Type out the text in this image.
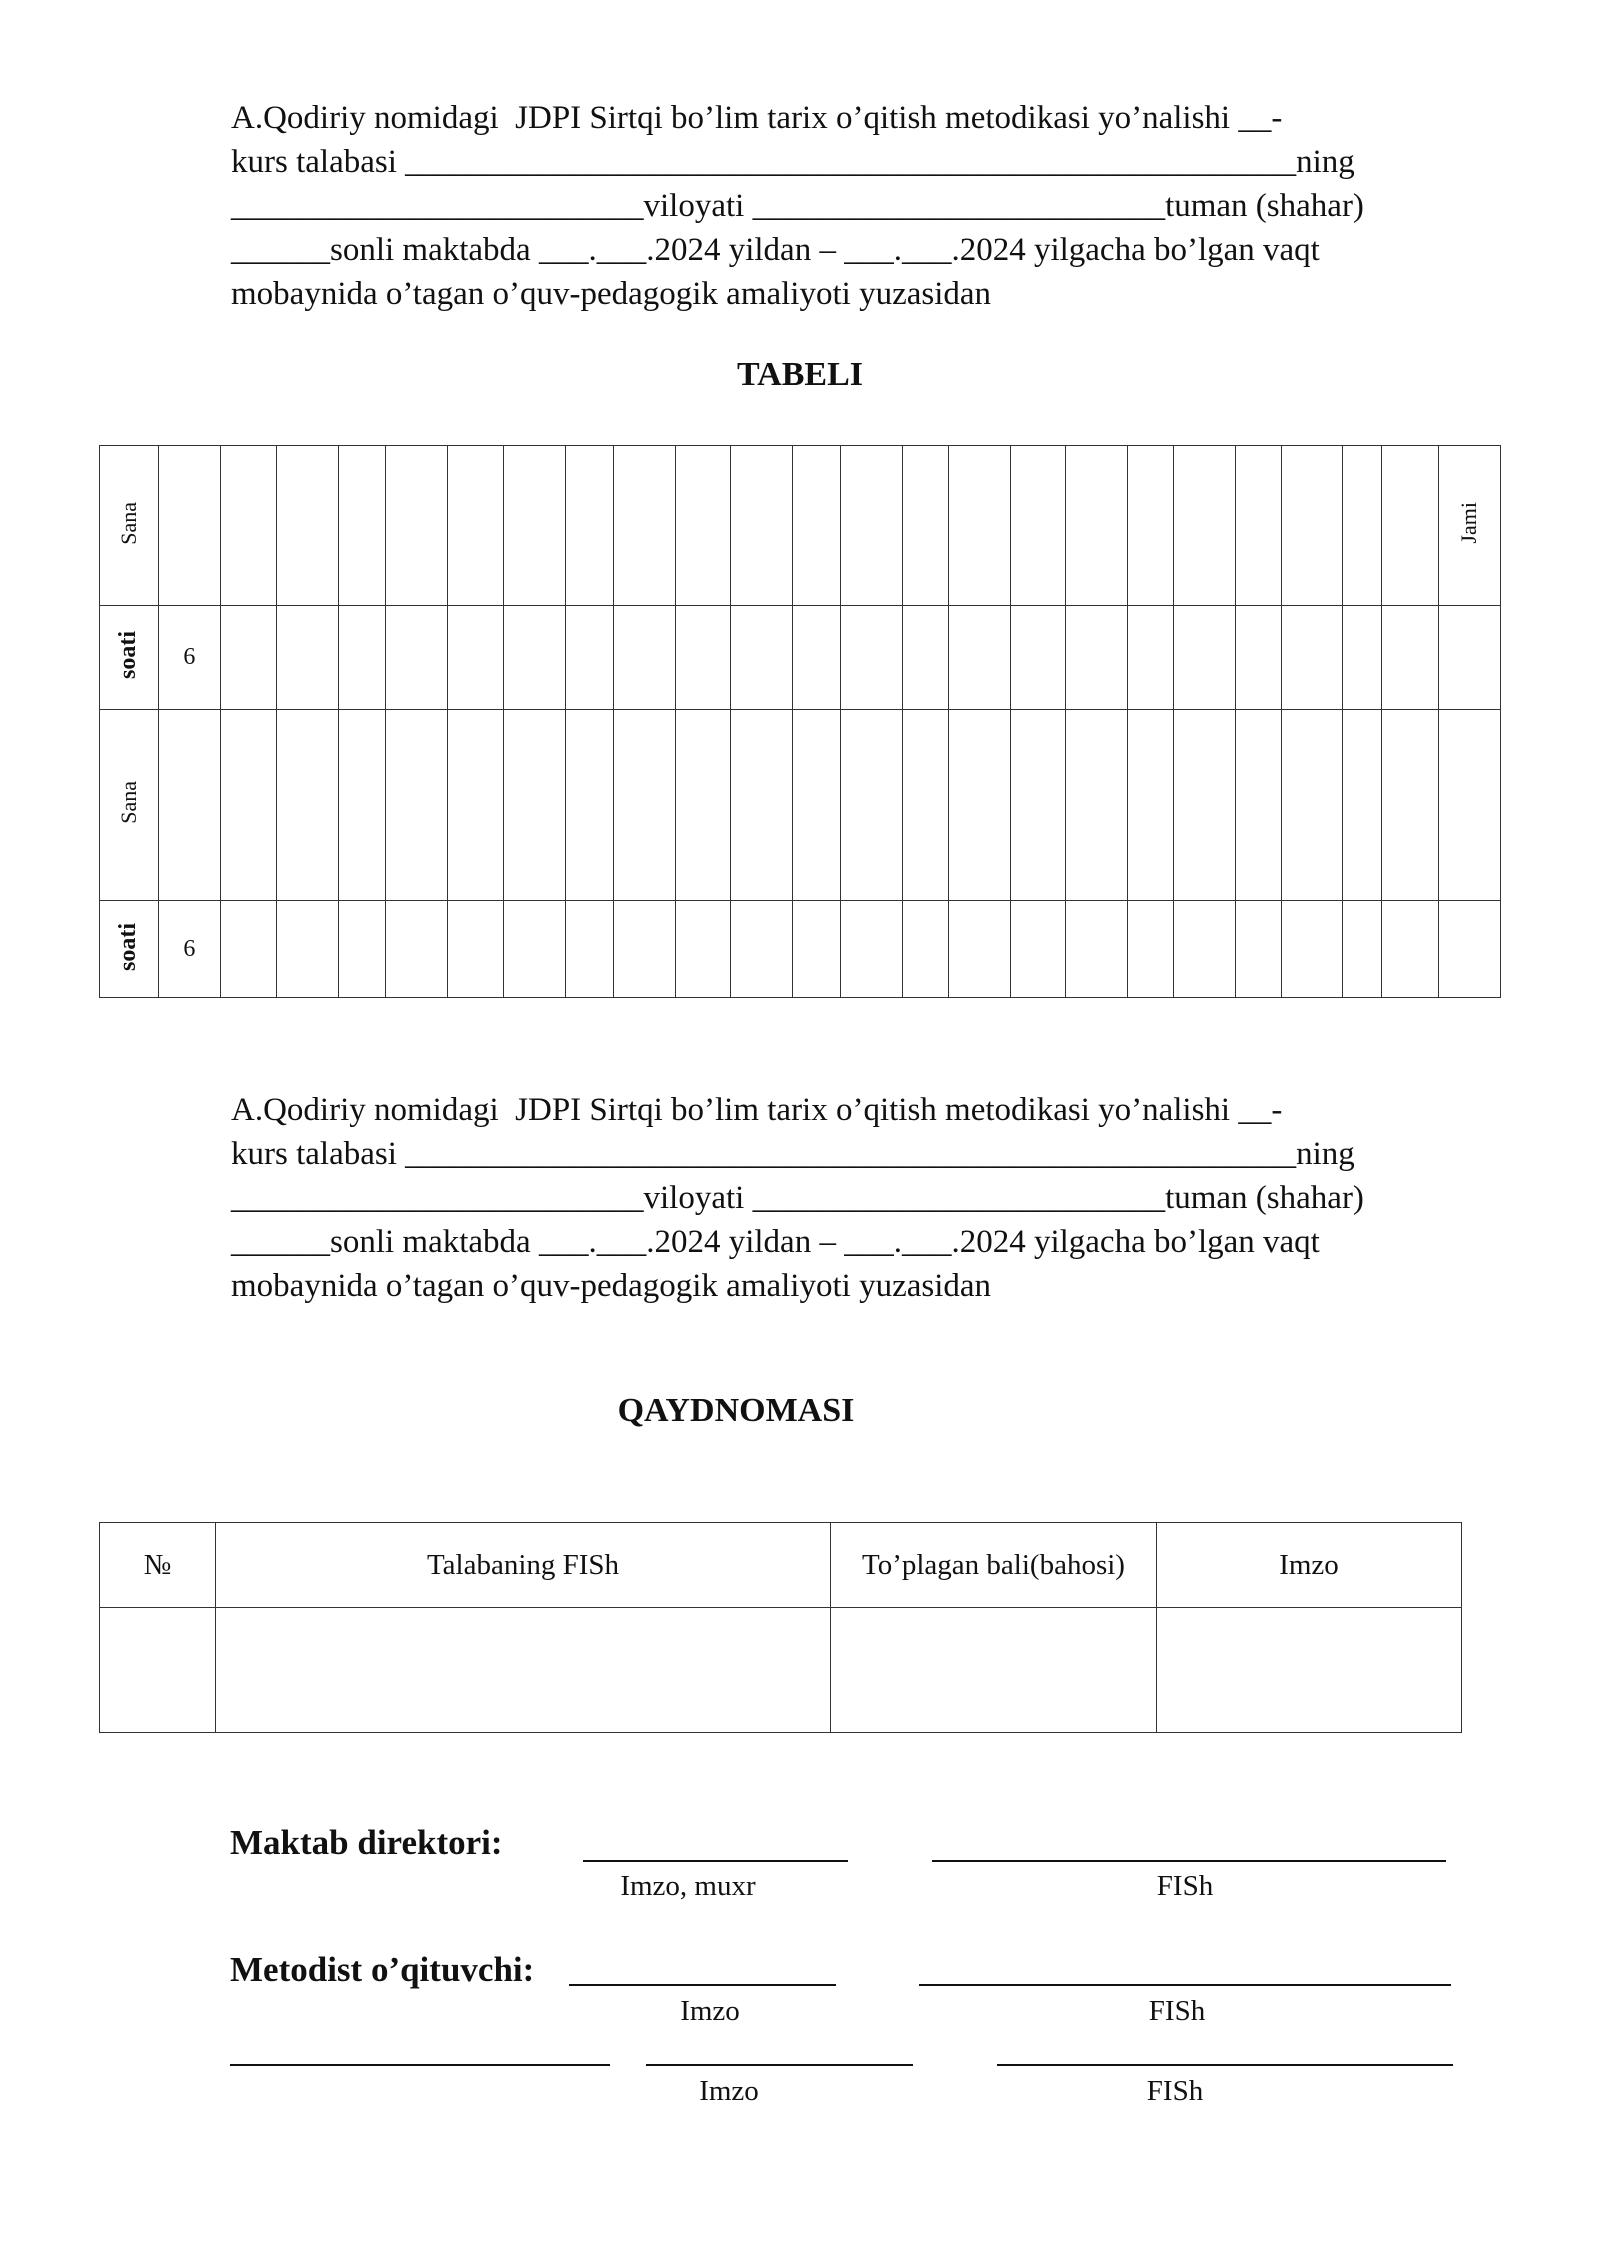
A.Qodiriy nomidagi  JDPI Sirtqi bo’lim tarix o’qitish metodikasi yo’nalishi __-
kurs talabasi ______________________________________________________ning
_________________________viloyati _________________________tuman (shahar)
______sonli maktabda ___.___.2024 yildan – ___.___.2024 yilgacha bo’lgan vaqt
mobaynida o’tagan o’quv-pedagogik amaliyoti yuzasidan
TABELI
Sana																								Jami
soati	6																							
Sana																								
soati	6																							
A.Qodiriy nomidagi  JDPI Sirtqi bo’lim tarix o’qitish metodikasi yo’nalishi __-
kurs talabasi ______________________________________________________ning
_________________________viloyati _________________________tuman (shahar)
______sonli maktabda ___.___.2024 yildan – ___.___.2024 yilgacha bo’lgan vaqt
mobaynida o’tagan o’quv-pedagogik amaliyoti yuzasidan
QAYDNOMASI
№	Talabaning FISh	To’plagan bali(bahosi)	Imzo

Maktab direktori:
Imzo, muxr	FISh
Metodist o’qituvchi:
Imzo	FISh
Imzo	FISh
